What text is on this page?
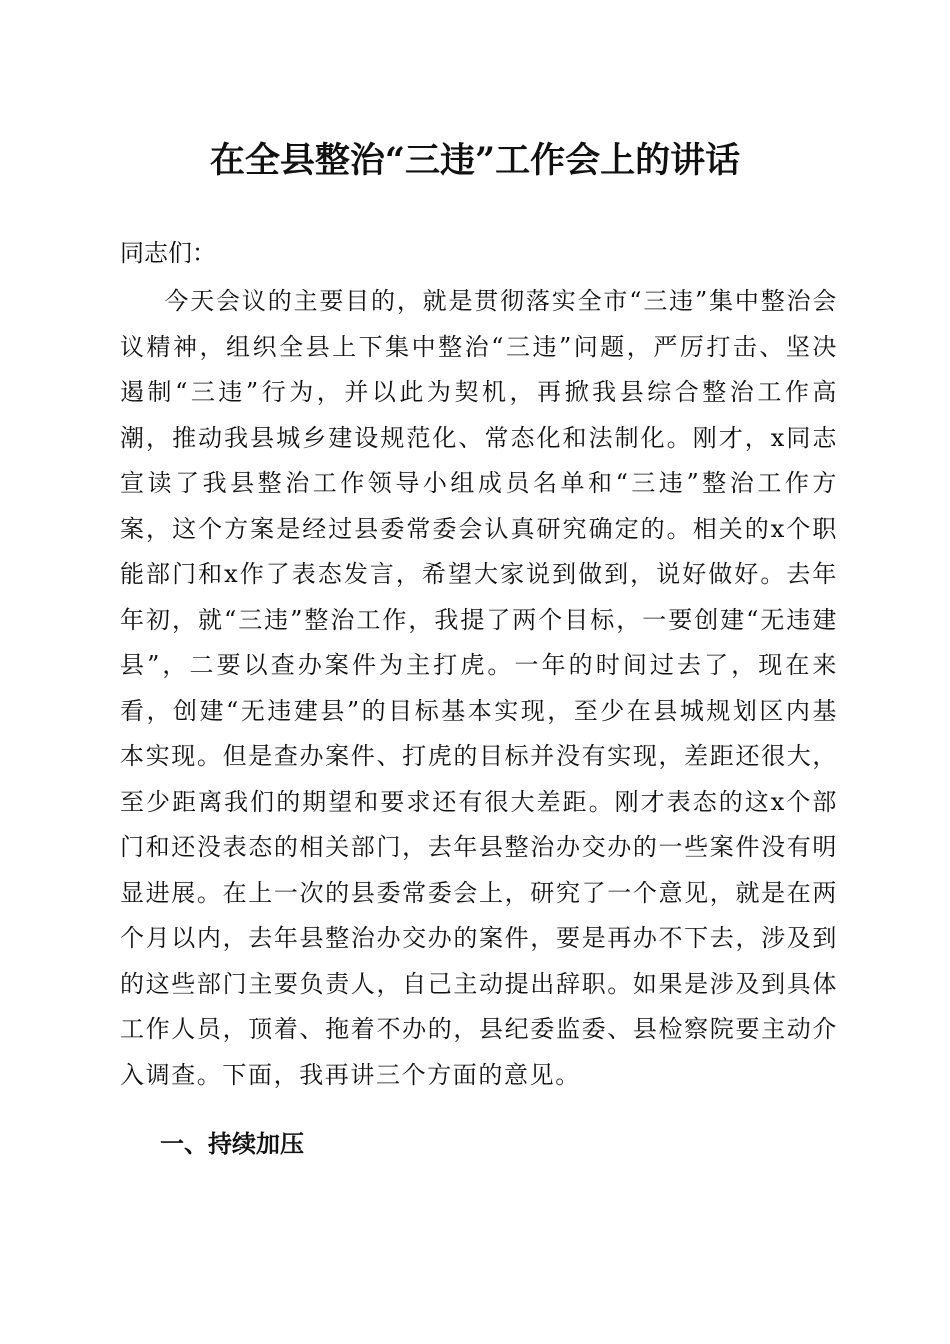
在全县整治“三违”工作会上的讲话

同志们：

今天会议的主要目的，就是贯彻落实全市“三违”集中整治会议精神，组织全县上下集中整治“三违”问题，严厉打击、坚决遏制“三违”行为，并以此为契机，再掀我县综合整治工作高潮，推动我县城乡建设规范化、常态化和法制化。刚才，x同志宣读了我县整治工作领导小组成员名单和“三违”整治工作方案，这个方案是经过县委常委会认真研究确定的。相关的x个职能部门和x作了表态发言，希望大家说到做到，说好做好。去年年初，就“三违”整治工作，我提了两个目标，一要创建“无违建县”，二要以查办案件为主打虎。一年的时间过去了，现在来看，创建“无违建县”的目标基本实现，至少在县城规划区内基本实现。但是查办案件、打虎的目标并没有实现，差距还很大，至少距离我们的期望和要求还有很大差距。刚才表态的这x个部门和还没表态的相关部门，去年县整治办交办的一些案件没有明显进展。在上一次的县委常委会上，研究了一个意见，就是在两个月以内，去年县整治办交办的案件，要是再办不下去，涉及到的这些部门主要负责人，自己主动提出辞职。如果是涉及到具体工作人员，顶着、拖着不办的，县纪委监委、县检察院要主动介入调查。下面，我再讲三个方面的意见。

一、持续加压
